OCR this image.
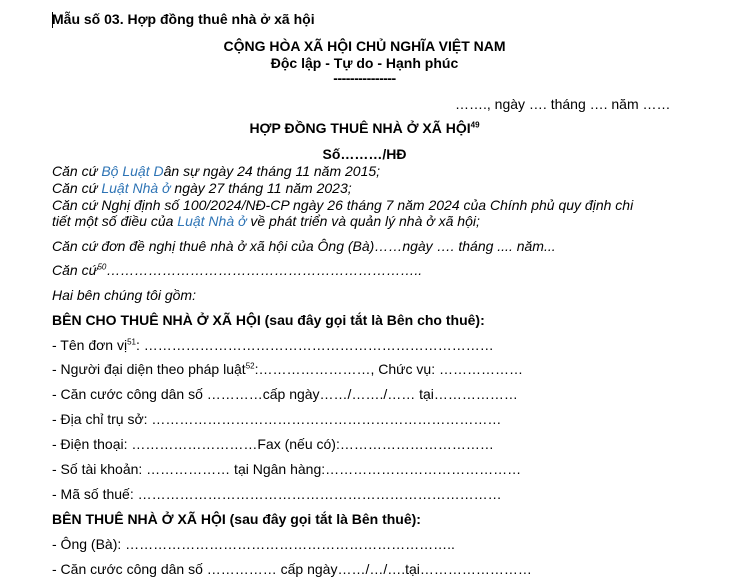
Mẫu số 03. Hợp đồng thuê nhà ở xã hội
CỘNG HÒA XÃ HỘI CHỦ NGHĨA VIỆT NAM
Độc lập - Tự do - Hạnh phúc
---------------
……., ngày …. tháng …. năm ……
HỢP ĐỒNG THUÊ NHÀ Ở XÃ HỘI$^{49}$
Số………/HĐ
Căn cứ Bộ Luật Dân sự ngày 24 tháng 11 năm 2015;
Căn cứ Luật Nhà ở ngày 27 tháng 11 năm 2023;
Căn cứ Nghị định số 100/2024/NĐ-CP ngày 26 tháng 7 năm 2024 của Chính phủ quy định chi
tiết một số điều của Luật Nhà ở về phát triển và quản lý nhà ở xã hội;
Căn cứ đơn đề nghị thuê nhà ở xã hội của Ông (Bà)……ngày …. tháng .... năm...
Căn cứ$^{50}$…………………………………………………………..
Hai bên chúng tôi gồm:
BÊN CHO THUÊ NHÀ Ở XÃ HỘI (sau đây gọi tắt là Bên cho thuê):
- Tên đơn vị$^{51}$: …………………………………………………………………
- Người đại diện theo pháp luật$^{52}$:……………………, Chức vụ: ………………
- Căn cước công dân số …………cấp ngày……/……./…… tại………………
- Địa chỉ trụ sở: …………………………………………………………………
- Điện thoại: ………………………Fax (nếu có):……………………………
- Số tài khoản: ……………… tại Ngân hàng:……………………………………
- Mã số thuế: ……………………………………………………………………
BÊN THUÊ NHÀ Ở XÃ HỘI (sau đây gọi tắt là Bên thuê):
- Ông (Bà): ……………………………………………………………..
- Căn cước công dân số …………… cấp ngày……/…/….tại……………………
